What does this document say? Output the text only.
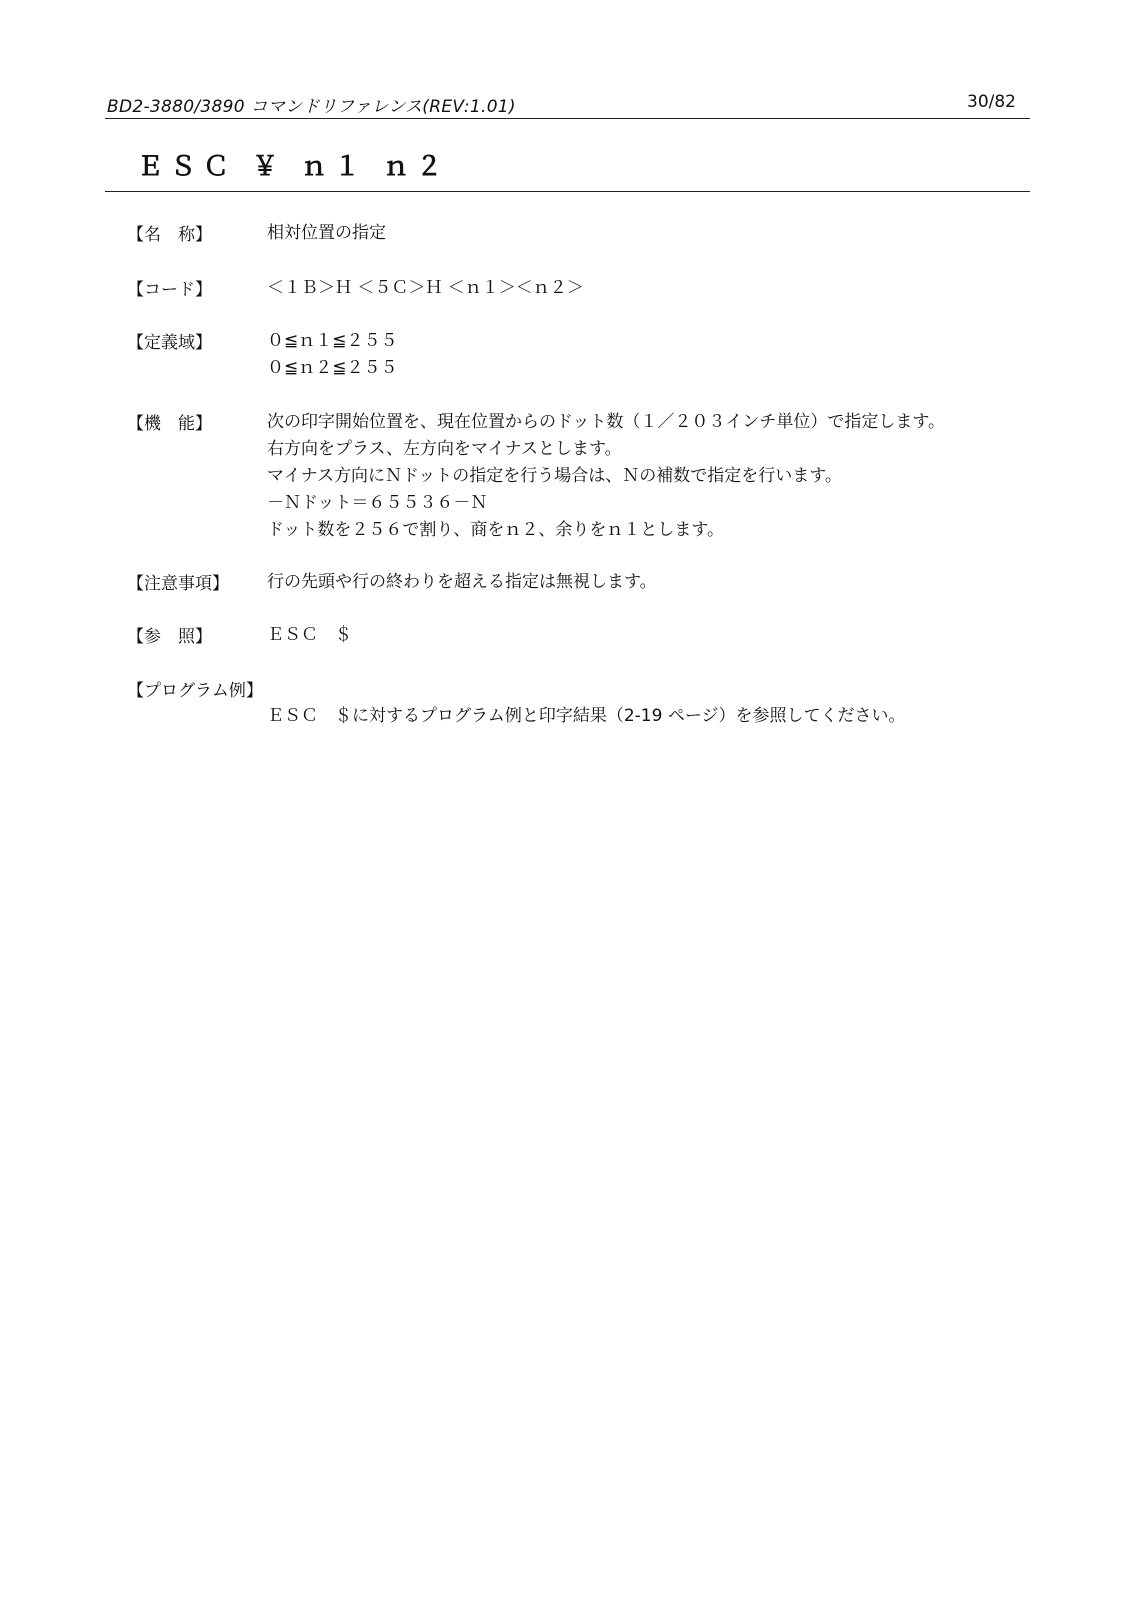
BD2-3880/3890 コマンドリファレンス(REV:1.01)	30/82
ＥＳＣ ￥ ｎ１ ｎ２
【名　称】	相対位置の指定
【コード】	＜１Ｂ＞Ｈ ＜５Ｃ＞Ｈ ＜ｎ１＞＜ｎ２＞
【定義域】	０≦ｎ１≦２５５
０≦ｎ２≦２５５
【機　能】	次の印字開始位置を、現在位置からのドット数（１／２０３インチ単位）で指定します。
右方向をプラス、左方向をマイナスとします。
マイナス方向にＮドットの指定を行う場合は、Ｎの補数で指定を行います。
－Ｎドット＝６５５３６－Ｎ
ドット数を２５６で割り、商をｎ２、余りをｎ１とします。
【注意事項】 行の先頭や行の終わりを超える指定は無視します。
【参　照】	ＥＳＣ　＄
【プログラム例】
ＥＳＣ　＄に対するプログラム例と印字結果（2-19 ページ）を参照してください。
